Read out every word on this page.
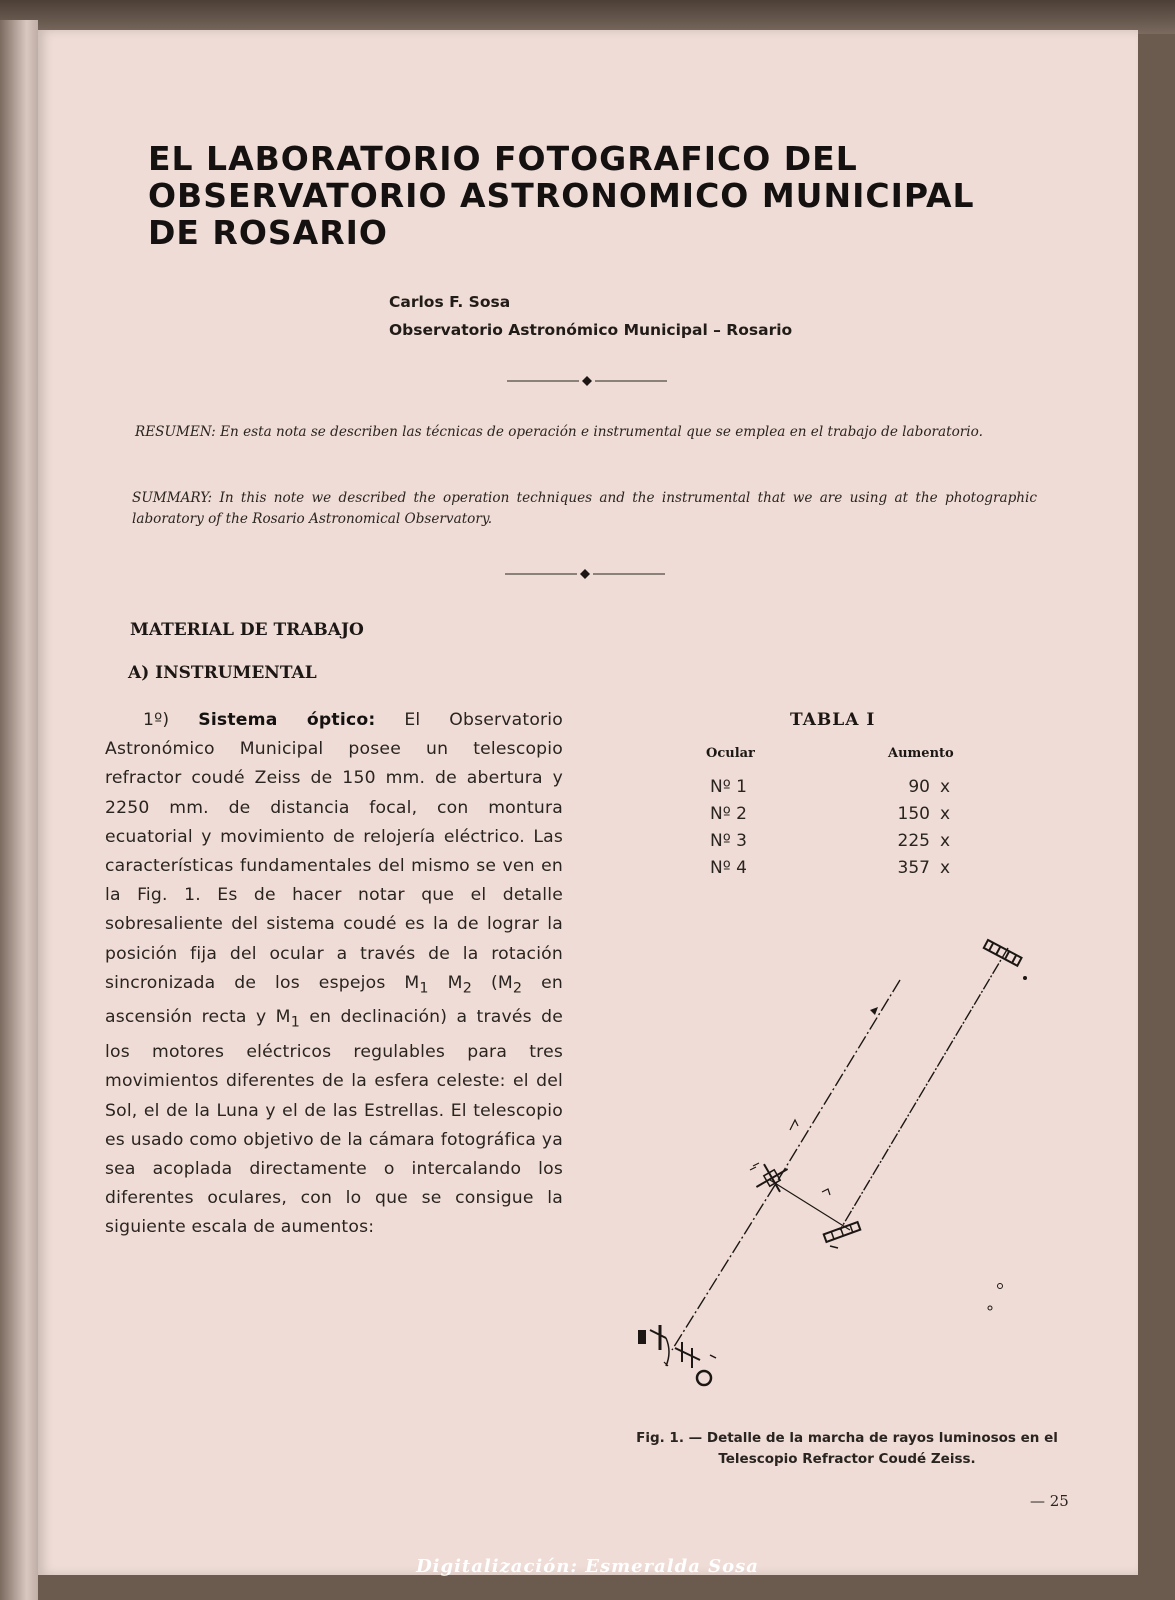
EL LABORATORIO FOTOGRAFICO DEL
OBSERVATORIO ASTRONOMICO MUNICIPAL
DE ROSARIO
Carlos F. Sosa
Observatorio Astronómico Municipal – Rosario
RESUMEN: En esta nota se describen las técnicas de operación e instrumental que se emplea en el trabajo de laboratorio.
SUMMARY: In this note we described the operation techniques and the instrumental that we are using at the photographic laboratory of the Rosario Astronomical Observatory.
MATERIAL DE TRABAJO
A) INSTRUMENTAL
1º) Sistema óptico: El Observatorio Astronómico Municipal posee un telescopio refractor coudé Zeiss de 150 mm. de abertura y 2250 mm. de distancia focal, con montura ecuatorial y movimiento de relojería eléctrico. Las características fundamentales del mismo se ven en la Fig. 1. Es de hacer notar que el detalle sobresaliente del sistema coudé es la de lograr la posición fija del ocular a través de la rotación sincronizada de los espejos $M_1$ $M_2$ ($M_2$ en ascensión recta y $M_1$ en declinación) a través de los motores eléctricos regulables para tres movimientos diferentes de la esfera celeste: el del Sol, el de la Luna y el de las Estrellas. El telescopio es usado como objetivo de la cámara fotográfica ya sea acoplada directamente o intercalando los diferentes oculares, con lo que se consigue la siguiente escala de aumentos:
TABLA I
Ocular	Aumento
Nº 1	90 x
Nº 2	150 x
Nº 3	225 x
Nº 4	357 x
Fig. 1. — Detalle de la marcha de rayos luminosos en el
Telescopio Refractor Coudé Zeiss.
— 25
Digitalización: Esmeralda Sosa
